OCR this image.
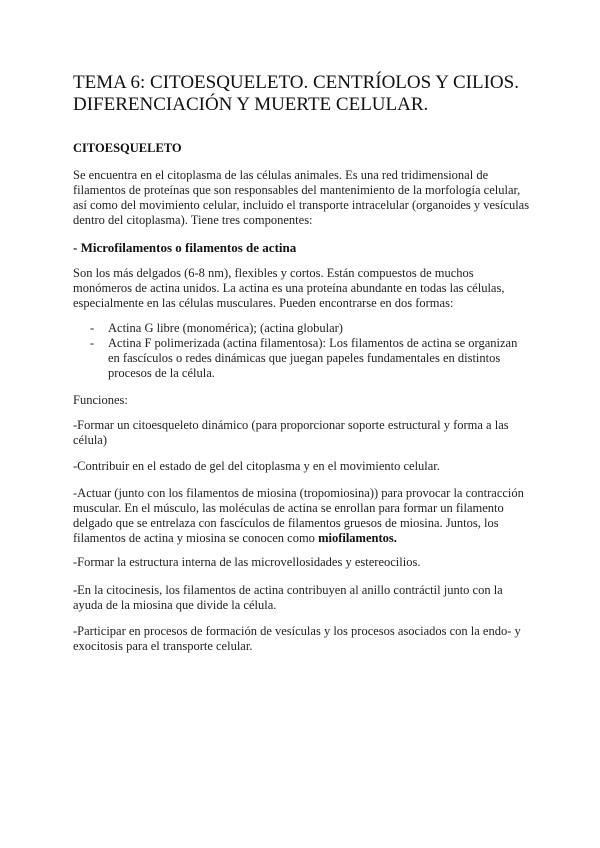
TEMA 6: CITOESQUELETO. CENTRÍOLOS Y CILIOS. DIFERENCIACIÓN Y MUERTE CELULAR.
CITOESQUELETO

Se encuentra en el citoplasma de las células animales. Es una red tridimensional de filamentos de proteínas que son responsables del mantenimiento de la morfología celular, así como del movimiento celular, incluido el transporte intracelular (organoides y vesículas dentro del citoplasma). Tiene tres componentes:

- Microfilamentos o filamentos de actina

Son los más delgados (6-8 nm), flexibles y cortos. Están compuestos de muchos monómeros de actina unidos. La actina es una proteína abundante en todas las células, especialmente en las células musculares. Pueden encontrarse en dos formas:

- Actina G libre (monomérica); (actina globular)
- Actina F polimerizada (actina filamentosa): Los filamentos de actina se organizan en fascículos o redes dinámicas que juegan papeles fundamentales en distintos procesos de la célula.

Funciones:

-Formar un citoesqueleto dinámico (para proporcionar soporte estructural y forma a las célula)

-Contribuir en el estado de gel del citoplasma y en el movimiento celular.

-Actuar (junto con los filamentos de miosina (tropomiosina)) para provocar la contracción muscular. En el músculo, las moléculas de actina se enrollan para formar un filamento delgado que se entrelaza con fascículos de filamentos gruesos de miosina. Juntos, los filamentos de actina y miosina se conocen como miofilamentos.

-Formar la estructura interna de las microvellosidades y estereocilios.

-En la citocinesis, los filamentos de actina contribuyen al anillo contráctil junto con la ayuda de la miosina que divide la célula.

-Participar en procesos de formación de vesículas y los procesos asociados con la endo- y exocitosis para el transporte celular.
